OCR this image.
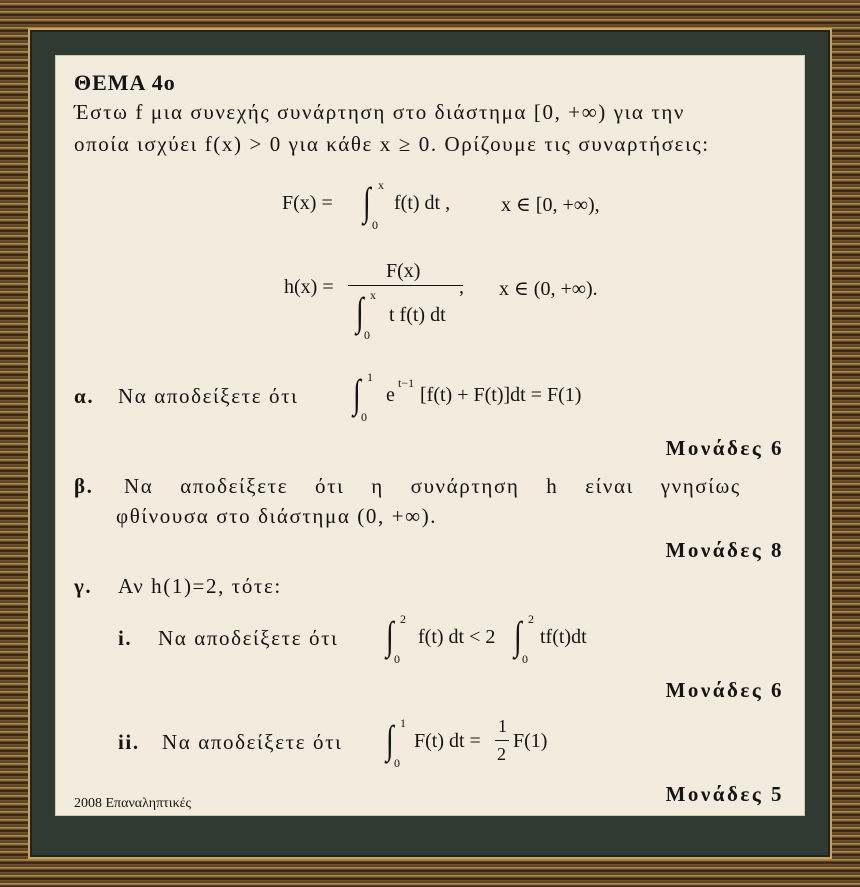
ΘΕΜΑ 4ο
Έστω f μια συνεχής συνάρτηση στο διάστημα [0, +∞) για την
οποία ισχύει f(x) > 0 για κάθε x ≥ 0. Ορίζουμε τις συναρτήσεις:
F(x) = ∫ x
0
f(t) dt ,	x ∈ [0, +∞),
h(x) =
F(x)
∫ x
0
t f(t) dt
, x ∈ (0, +∞).
α. Να αποδείξετε ότι ∫ 1
0
e
t−1
[f(t) + F(t)]dt = F(1)
Μονάδες 6
β. Να αποδείξετε ότι η συνάρτηση h είναι γνησίως
φθίνουσα στο διάστημα (0, +∞).
Μονάδες 8
γ. Αν h(1)=2, τότε:
i. Να αποδείξετε ότι ∫ 2
0
f(t) dt < 2 ∫ 2
0
tf(t)dt
Μονάδες 6
ii. Να αποδείξετε ότι ∫ 1
0
F(t) dt =
1
2
F(1)
2008 Επαναληπτικές	Μονάδες 5
